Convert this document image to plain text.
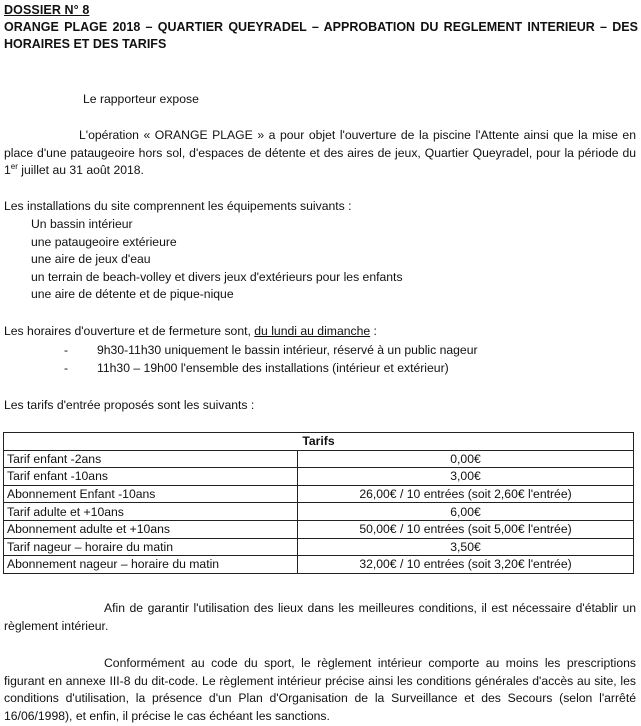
DOSSIER N° 8
ORANGE PLAGE 2018 – QUARTIER QUEYRADEL – APPROBATION DU REGLEMENT INTERIEUR – DES HORAIRES ET DES TARIFS
Le rapporteur expose
L'opération « ORANGE PLAGE » a pour objet l'ouverture de la piscine l'Attente ainsi que la mise en place d'une pataugeoire hors sol, d'espaces de détente et des aires de jeux, Quartier Queyradel, pour la période du 1er juillet au 31 août 2018.
Les installations du site comprennent les équipements suivants :
Un bassin intérieur
une pataugeoire extérieure
une aire de jeux d'eau
un terrain de beach-volley et divers jeux d'extérieurs pour les enfants
une aire de détente et de pique-nique
Les horaires d'ouverture et de fermeture sont, du lundi au dimanche :
- 9h30-11h30 uniquement le bassin intérieur, réservé à un public nageur
- 11h30 – 19h00 l'ensemble des installations (intérieur et extérieur)
Les tarifs d'entrée proposés sont les suivants :
Tarifs	
Tarif enfant -2ans	0,00€
Tarif enfant -10ans	3,00€
Abonnement Enfant -10ans	26,00€ / 10 entrées (soit 2,60€ l'entrée)
Tarif adulte et +10ans	6,00€
Abonnement adulte et +10ans	50,00€ / 10 entrées (soit 5,00€ l'entrée)
Tarif nageur – horaire du matin	3,50€
Abonnement nageur – horaire du matin	32,00€ / 10 entrées (soit 3,20€ l'entrée)
Afin de garantir l'utilisation des lieux dans les meilleures conditions, il est nécessaire d'établir un règlement intérieur.
Conformément au code du sport, le règlement intérieur comporte au moins les prescriptions figurant en annexe III-8 du dit-code. Le règlement intérieur précise ainsi les conditions générales d'accès au site, les conditions d'utilisation, la présence d'un Plan d'Organisation de la Surveillance et des Secours (selon l'arrêté 16/06/1998), et enfin, il précise le cas échéant les sanctions.
